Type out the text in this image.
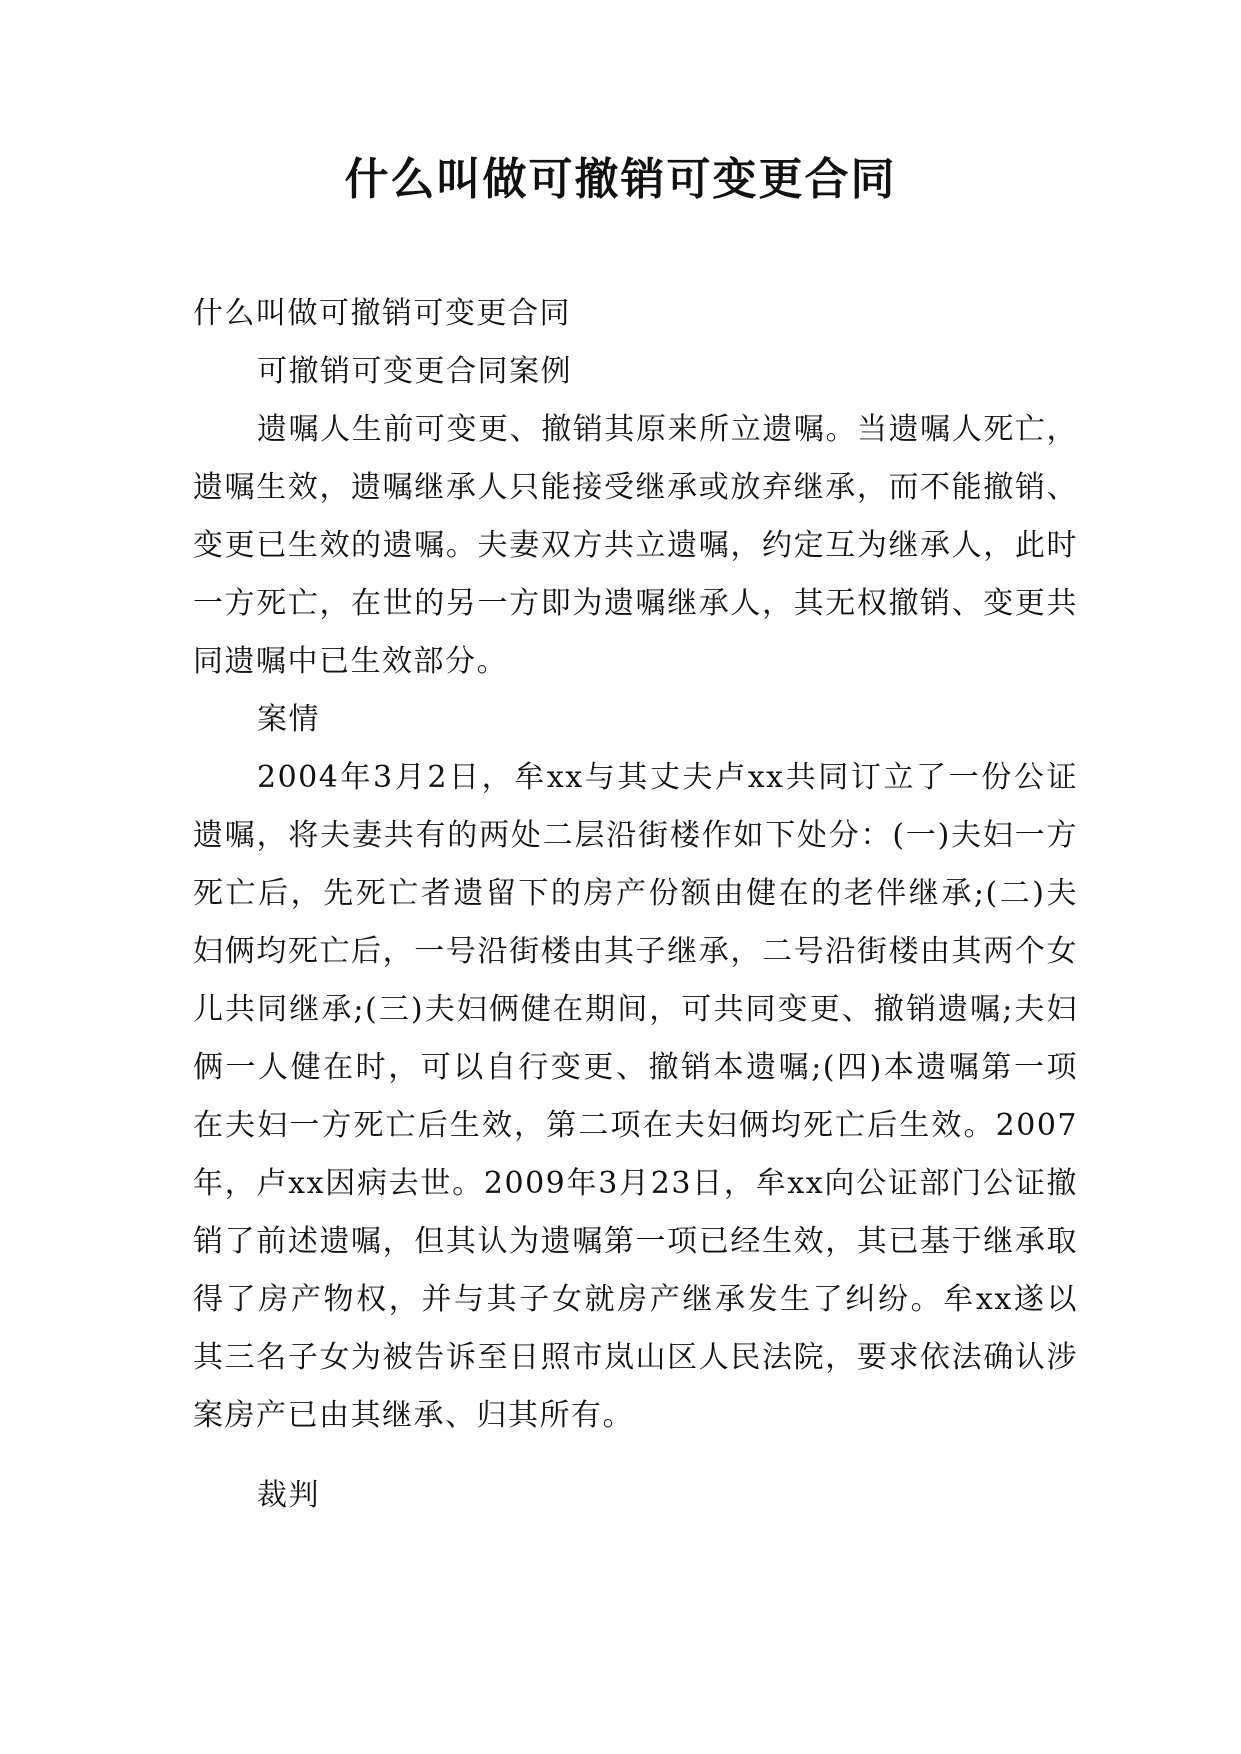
什么叫做可撤销可变更合同

什么叫做可撤销可变更合同

可撤销可变更合同案例

遗嘱人生前可变更、撤销其原来所立遗嘱。当遗嘱人死亡，遗嘱生效，遗嘱继承人只能接受继承或放弃继承，而不能撤销、变更已生效的遗嘱。夫妻双方共立遗嘱，约定互为继承人，此时一方死亡，在世的另一方即为遗嘱继承人，其无权撤销、变更共同遗嘱中已生效部分。

案情

2004年3月2日，牟xx与其丈夫卢xx共同订立了一份公证遗嘱，将夫妻共有的两处二层沿街楼作如下处分：(一)夫妇一方死亡后，先死亡者遗留下的房产份额由健在的老伴继承;(二)夫妇俩均死亡后，一号沿街楼由其子继承，二号沿街楼由其两个女儿共同继承;(三)夫妇俩健在期间，可共同变更、撤销遗嘱;夫妇俩一人健在时，可以自行变更、撤销本遗嘱;(四)本遗嘱第一项在夫妇一方死亡后生效，第二项在夫妇俩均死亡后生效。2007年，卢xx因病去世。2009年3月23日，牟xx向公证部门公证撤销了前述遗嘱，但其认为遗嘱第一项已经生效，其已基于继承取得了房产物权，并与其子女就房产继承发生了纠纷。牟xx遂以其三名子女为被告诉至日照市岚山区人民法院，要求依法确认涉案房产已由其继承、归其所有。

裁判
